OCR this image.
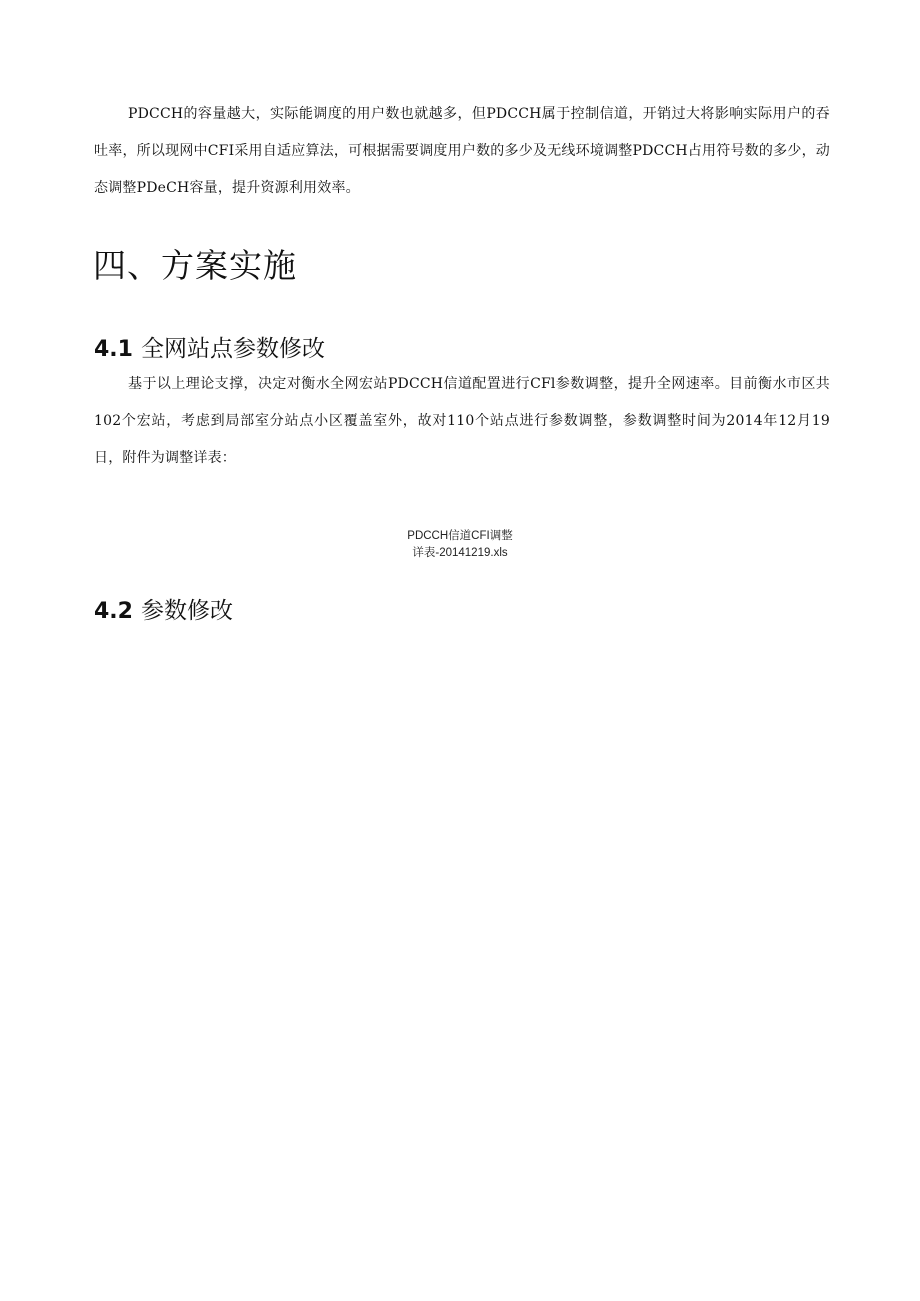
PDCCH的容量越大，实际能调度的用户数也就越多，但PDCCH属于控制信道，开销过大将影响实际用户的吞吐率，所以现网中CFI采用自适应算法，可根据需要调度用户数的多少及无线环境调整PDCCH占用符号数的多少，动态调整PDeCH容量，提升资源利用效率。

四、方案实施
4.1 全网站点参数修改

基于以上理论支撑，决定对衡水全网宏站PDCCH信道配置进行CFl参数调整，提升全网速率。目前衡水市区共102个宏站，考虑到局部室分站点小区覆盖室外，故对110个站点进行参数调整，参数调整时间为2014年12月19日，附件为调整详表：

PDCCH信道CFI调整
详表-20141219.xls
4.2 参数修改
